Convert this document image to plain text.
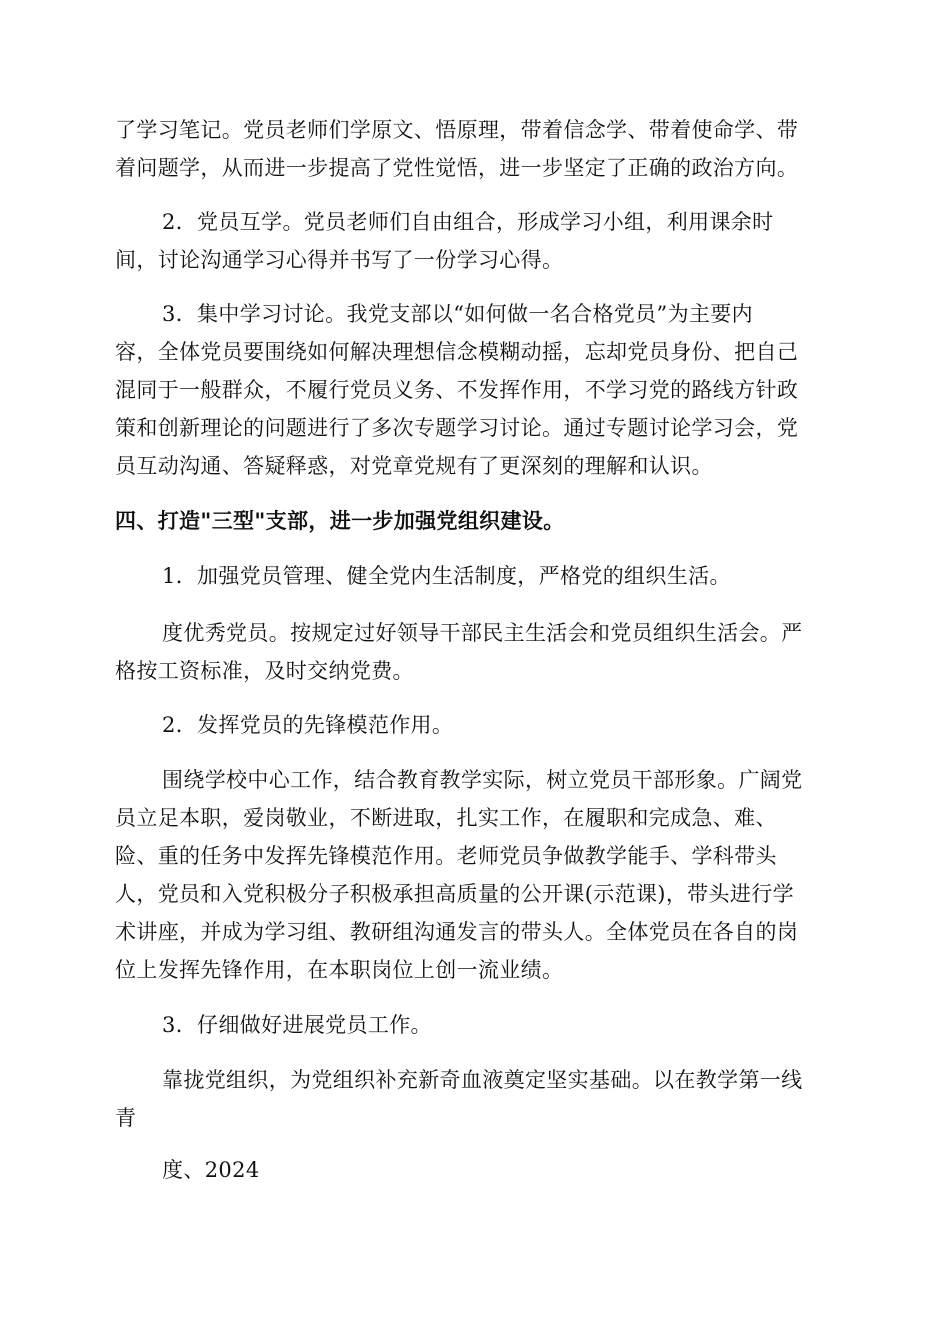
了学习笔记。党员老师们学原文、悟原理，带着信念学、带着使命学、带
着问题学，从而进一步提高了党性觉悟，进一步坚定了正确的政治方向。
2．党员互学。党员老师们自由组合，形成学习小组，利用课余时
间，讨论沟通学习心得并书写了一份学习心得。
3．集中学习讨论。我党支部以“如何做一名合格党员”为主要内
容，全体党员要围绕如何解决理想信念模糊动摇，忘却党员身份、把自己
混同于一般群众，不履行党员义务、不发挥作用，不学习党的路线方针政
策和创新理论的问题进行了多次专题学习讨论。通过专题讨论学习会，党
员互动沟通、答疑释惑，对党章党规有了更深刻的理解和认识。
四、打造"三型"支部，进一步加强党组织建设。
1．加强党员管理、健全党内生活制度，严格党的组织生活。
度优秀党员。按规定过好领导干部民主生活会和党员组织生活会。严
格按工资标准，及时交纳党费。
2．发挥党员的先锋模范作用。
围绕学校中心工作，结合教育教学实际，树立党员干部形象。广阔党
员立足本职，爱岗敬业，不断进取，扎实工作，在履职和完成急、难、
险、重的任务中发挥先锋模范作用。老师党员争做教学能手、学科带头
人，党员和入党积极分子积极承担高质量的公开课(示范课)，带头进行学
术讲座，并成为学习组、教研组沟通发言的带头人。全体党员在各自的岗
位上发挥先锋作用，在本职岗位上创一流业绩。
3．仔细做好进展党员工作。
靠拢党组织，为党组织补充新奇血液奠定坚实基础。以在教学第一线
青
度、2024
